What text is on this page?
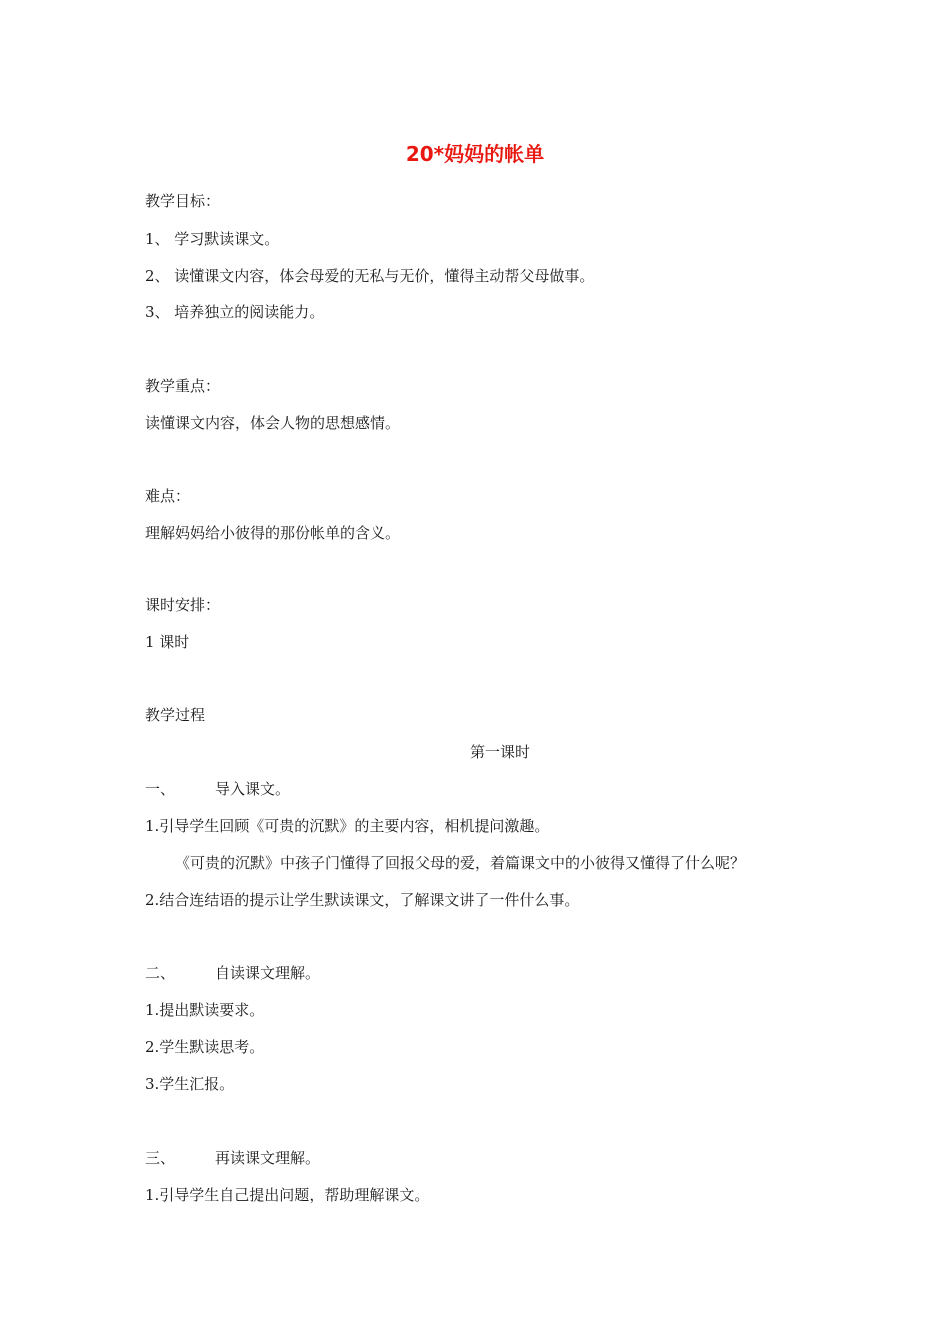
20*妈妈的帐单
教学目标：
1、 学习默读课文。
2、 读懂课文内容，体会母爱的无私与无价，懂得主动帮父母做事。
3、 培养独立的阅读能力。
教学重点：
读懂课文内容，体会人物的思想感情。
难点：
理解妈妈给小彼得的那份帐单的含义。
课时安排：
1 课时
教学过程
第一课时
一、	导入课文。
1.引导学生回顾《可贵的沉默》的主要内容，相机提问激趣。
《可贵的沉默》中孩子门懂得了回报父母的爱，着篇课文中的小彼得又懂得了什么呢？
2.结合连结语的提示让学生默读课文，了解课文讲了一件什么事。
二、	自读课文理解。
1.提出默读要求。
2.学生默读思考。
3.学生汇报。
三、	再读课文理解。
1.引导学生自己提出问题，帮助理解课文。
